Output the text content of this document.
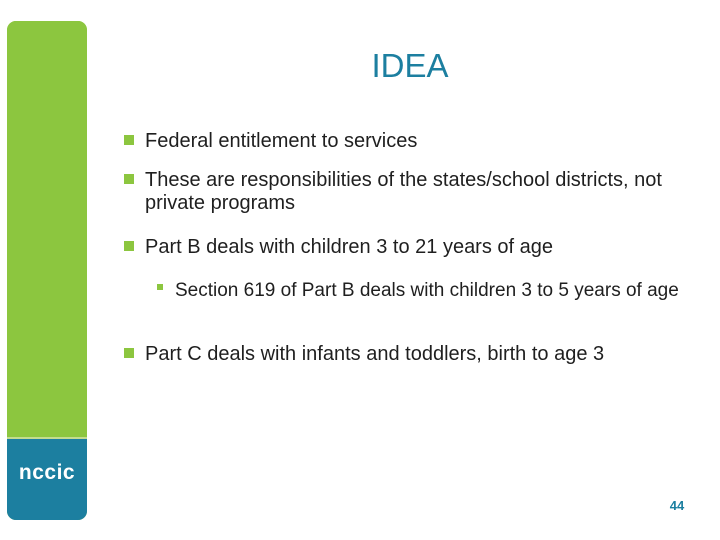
nccic
IDEA
Federal entitlement to services
These are responsibilities of the states/school districts, not private programs
Part B deals with children 3 to 21 years of age
Section 619 of Part B deals with children 3 to 5 years of age
Part C deals with infants and toddlers, birth to age 3
44
